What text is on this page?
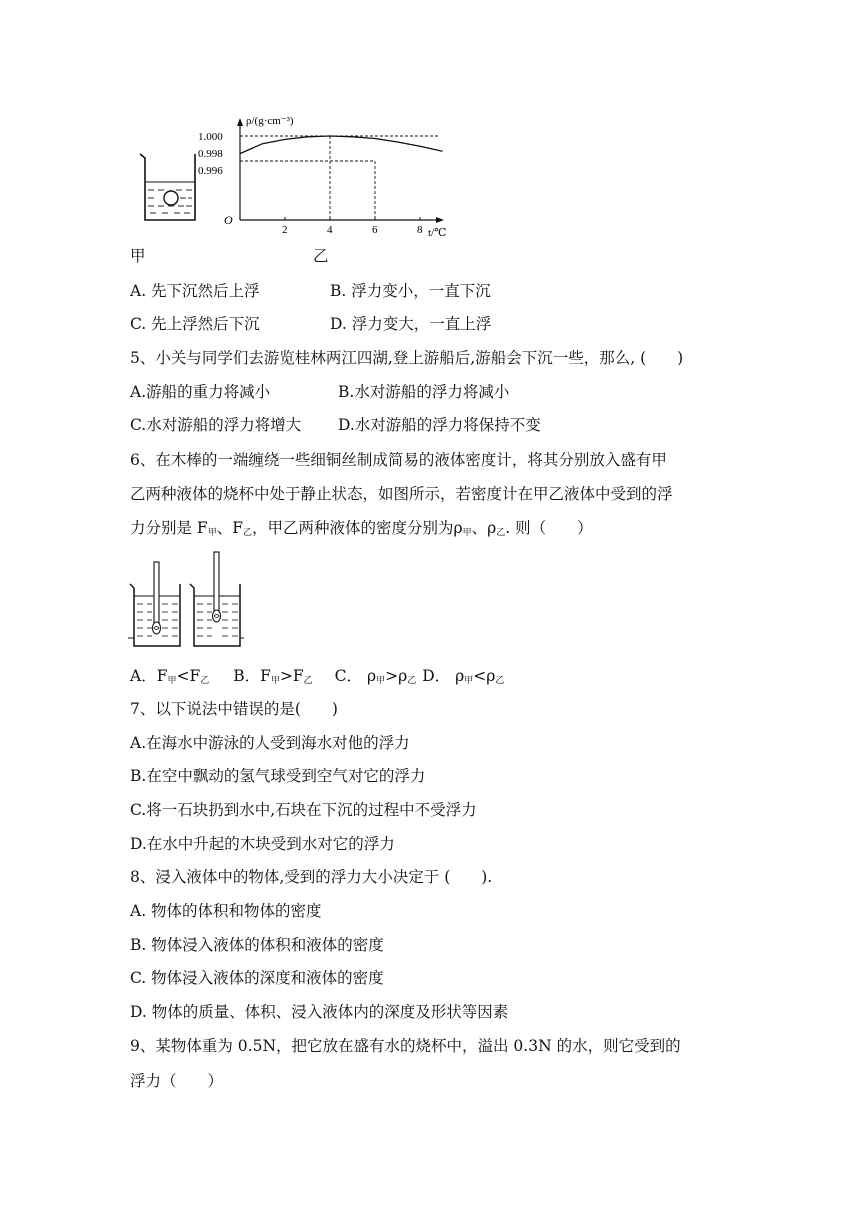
ρ/(g·cm⁻³)
t/℃
O
2	4	6	8
1.000
0.998
0.996
甲	乙
A. 先下沉然后上浮	B. 浮力变小，一直下沉
C. 先上浮然后下沉	D. 浮力变大，一直上浮
5、小关与同学们去游览桂林两江四湖,登上游船后,游船会下沉一些，那么, (　　)
A.游船的重力将减小	B.水对游船的浮力将减小
C.水对游船的浮力将增大 D.水对游船的浮力将保持不变
6、在木棒的一端缠绕一些细铜丝制成简易的液体密度计，将其分别放入盛有甲
乙两种液体的烧杯中处于静止状态，如图所示，若密度计在甲乙液体中受到的浮
力分别是 $F_甲$、$F_乙$，甲乙两种液体的密度分别为$\rho_甲$、$\rho_乙$. 则（　　）
A．$F_甲<F_乙$ B．$F_甲>F_乙$ C． $\rho_甲>\rho_乙$ D． $\rho_甲<\rho_乙$
7、以下说法中错误的是(　　)
A.在海水中游泳的人受到海水对他的浮力
B.在空中飘动的氢气球受到空气对它的浮力
C.将一石块扔到水中,石块在下沉的过程中不受浮力
D.在水中升起的木块受到水对它的浮力
8、浸入液体中的物体,受到的浮力大小决定于 (　　).
A. 物体的体积和物体的密度
B. 物体浸入液体的体积和液体的密度
C. 物体浸入液体的深度和液体的密度
D. 物体的质量、体积、浸入液体内的深度及形状等因素
9、某物体重为 0.5N，把它放在盛有水的烧杯中，溢出 0.3N 的水，则它受到的
浮力（　　）
